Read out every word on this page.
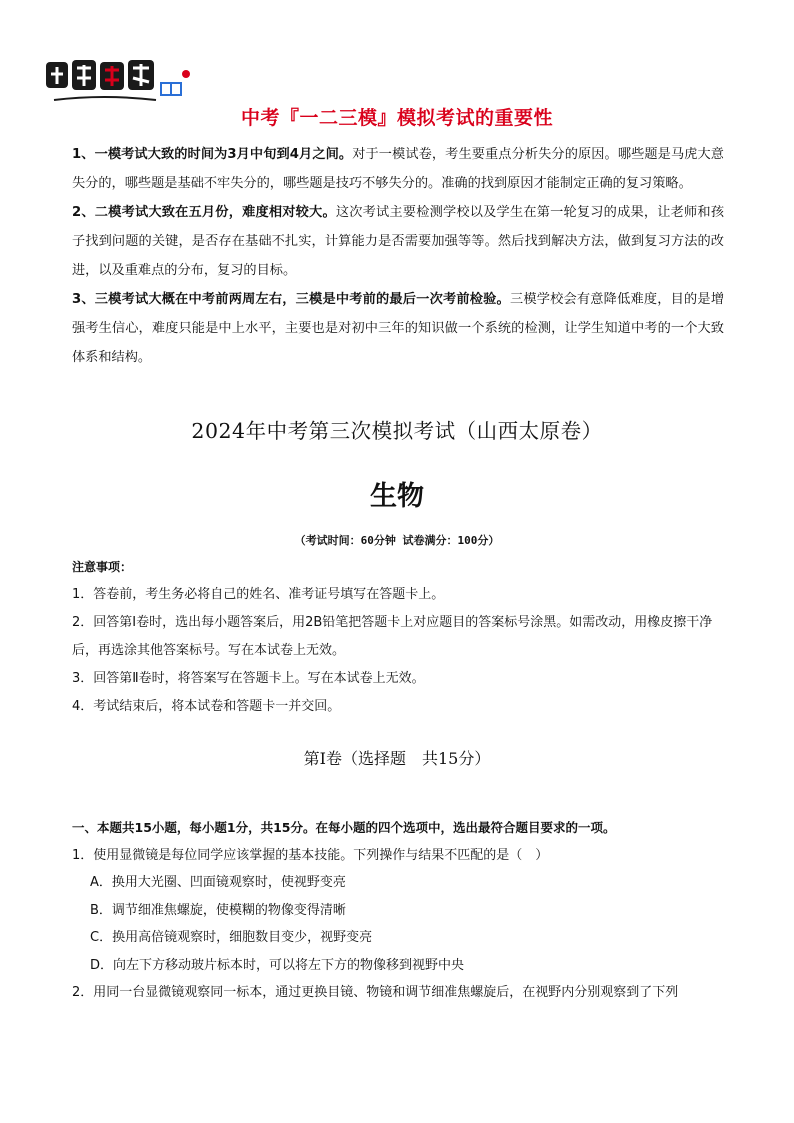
中考『一二三模』模拟考试的重要性

1、一模考试大致的时间为3月中旬到4月之间。对于一模试卷，考生要重点分析失分的原因。哪些题是马虎大意失分的，哪些题是基础不牢失分的，哪些题是技巧不够失分的。准确的找到原因才能制定正确的复习策略。

2、二模考试大致在五月份，难度相对较大。这次考试主要检测学校以及学生在第一轮复习的成果，让老师和孩子找到问题的关键，是否存在基础不扎实，计算能力是否需要加强等等。然后找到解决方法，做到复习方法的改进，以及重难点的分布，复习的目标。

3、三模考试大概在中考前两周左右，三模是中考前的最后一次考前检验。三模学校会有意降低难度，目的是增强考生信心，难度只能是中上水平，主要也是对初中三年的知识做一个系统的检测，让学生知道中考的一个大致体系和结构。

2024年中考第三次模拟考试（山西太原卷）
生物
（考试时间：60分钟 试卷满分：100分）

注意事项：

1．答卷前，考生务必将自己的姓名、准考证号填写在答题卡上。

2．回答第Ⅰ卷时，选出每小题答案后，用2B铅笔把答题卡上对应题目的答案标号涂黑。如需改动，用橡皮擦干净后，再选涂其他答案标号。写在本试卷上无效。

3．回答第Ⅱ卷时，将答案写在答题卡上。写在本试卷上无效。

4．考试结束后，将本试卷和答题卡一并交回。

第Ⅰ卷（选择题　共15分）

一、本题共15小题，每小题1分，共15分。在每小题的四个选项中，选出最符合题目要求的一项。

1．使用显微镜是每位同学应该掌握的基本技能。下列操作与结果不匹配的是（　）

A．换用大光圈、凹面镜观察时，使视野变亮

B．调节细准焦螺旋，使模糊的物像变得清晰

C．换用高倍镜观察时，细胞数目变少，视野变亮

D．向左下方移动玻片标本时，可以将左下方的物像移到视野中央

2．用同一台显微镜观察同一标本，通过更换目镜、物镜和调节细准焦螺旋后，在视野内分别观察到了下列
